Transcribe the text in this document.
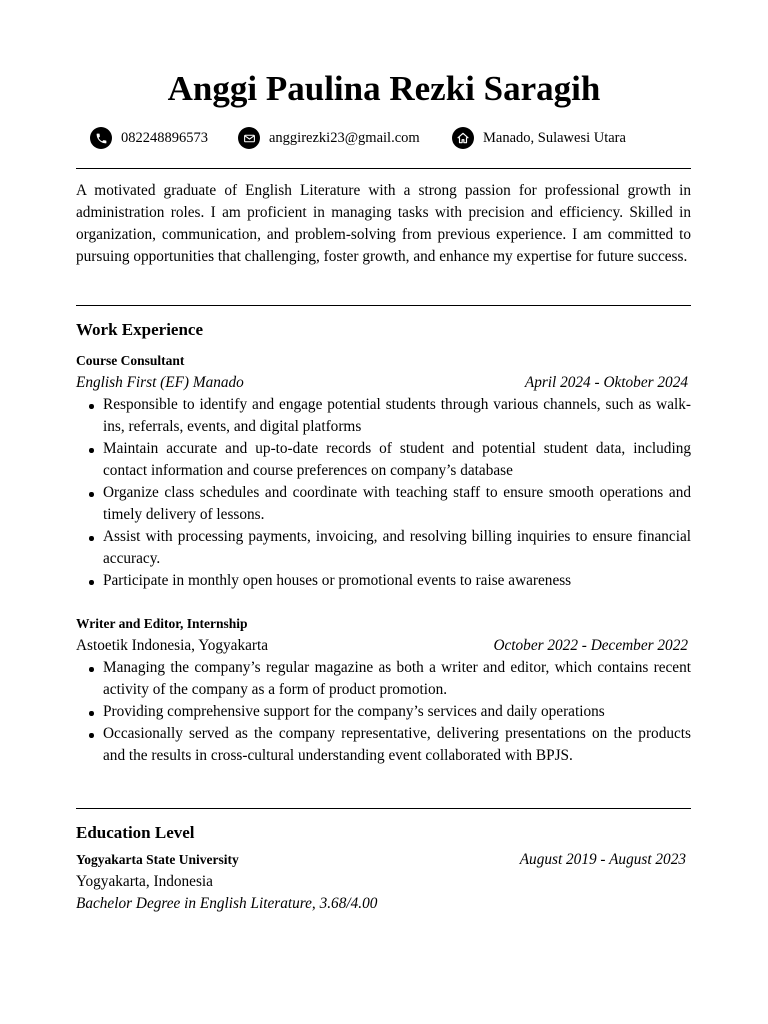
Anggi Paulina Rezki Saragih
082248896573	anggirezki23@gmail.com	Manado, Sulawesi Utara

A motivated graduate of English Literature with a strong passion for professional growth in administration roles. I am proficient in managing tasks with precision and efficiency. Skilled in organization, communication, and problem-solving from previous experience. I am committed to pursuing opportunities that challenging, foster growth, and enhance my expertise for future success.

Work Experience
Course Consultant
English First (EF) Manado	April 2024 - Oktober 2024
Responsible to identify and engage potential students through various channels, such as walk-ins, referrals, events, and digital platforms
Maintain accurate and up-to-date records of student and potential student data, including contact information and course preferences on company’s database
Organize class schedules and coordinate with teaching staff to ensure smooth operations and timely delivery of lessons.
Assist with processing payments, invoicing, and resolving billing inquiries to ensure financial accuracy.
Participate in monthly open houses or promotional events to raise awareness
Writer and Editor, Internship
Astoetik Indonesia, Yogyakarta	October 2022 - December 2022
Managing the company’s regular magazine as both a writer and editor, which contains recent activity of the company as a form of product promotion.
Providing comprehensive support for the company’s services and daily operations
Occasionally served as the company representative, delivering presentations on the products and the results in cross-cultural understanding event collaborated with BPJS.
Education Level
Yogyakarta State University	August 2019 - August 2023
Yogyakarta, Indonesia
Bachelor Degree in English Literature, 3.68/4.00
